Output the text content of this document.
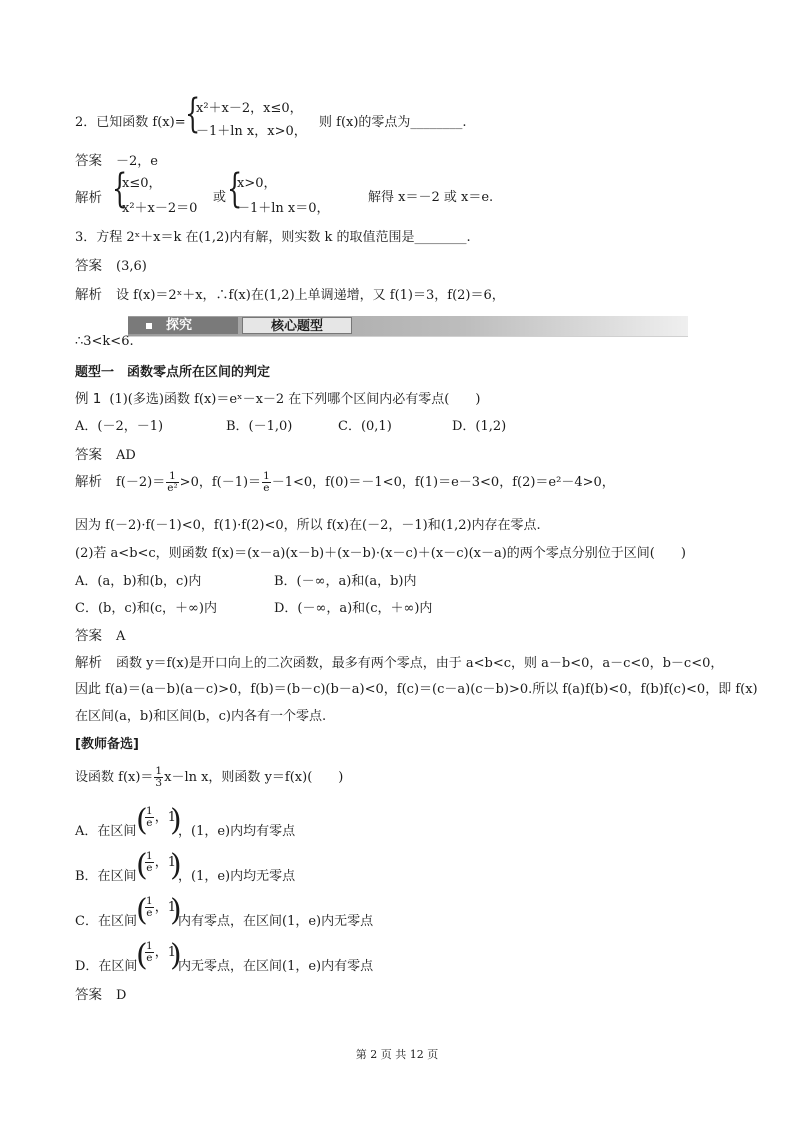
2．已知函数 f(x)= {
x²＋x－2，x≤0，
－1＋ln x，x>0，
则 f(x)的零点为________.
答案 －2，e
解析 {
x≤0，
x²＋x－2＝0
或 {
x>0，
－1＋ln x＝0，
解得 x＝－2 或 x＝e.
3．方程 2ˣ＋x＝k 在(1,2)内有解，则实数 k 的取值范围是________.
答案 (3,6)
解析 设 f(x)＝2ˣ＋x，∴f(x)在(1,2)上单调递增，又 f(1)＝3，f(2)＝6，
探究	核心题型
∴3<k<6.
题型一　函数零点所在区间的判定
例 1 (1)(多选)函数 f(x)＝eˣ－x－2 在下列哪个区间内必有零点(　　)
A．(－2，－1)	B．(－1,0)	C．(0,1)	D．(1,2)
答案 AD
解析 $f(-2)= \frac{1}{\text{e²}} >0$，$f(-1)= \frac{1}{e} -1<0$，f(0)＝－1<0，f(1)＝e－3<0，f(2)＝e²－4>0，
因为 f(－2)·f(－1)<0，f(1)·f(2)<0，所以 f(x)在(－2，－1)和(1,2)内存在零点.
(2)若 a<b<c，则函数 f(x)＝(x－a)(x－b)＋(x－b)·(x－c)＋(x－c)(x－a)的两个零点分别位于区间(　　)
A．(a，b)和(b，c)内	B．(－∞，a)和(a，b)内
C．(b，c)和(c，＋∞)内	D．(－∞，a)和(c，＋∞)内
答案 A
解析 函数 y＝f(x)是开口向上的二次函数，最多有两个零点，由于 a<b<c，则 a－b<0，a－c<0，b－c<0，
因此 f(a)＝(a－b)(a－c)>0，f(b)＝(b－c)(b－a)<0，f(c)＝(c－a)(c－b)>0.所以 f(a)f(b)<0，f(b)f(c)<0，即 f(x)
在区间(a，b)和区间(b，c)内各有一个零点.
[教师备选]
设函数 $f(x)= \frac{1}{3} x-\ln$ x，则函数 y＝f(x)(　　)
A．在区间 (
$\frac{1}{e}$ ，1
)
，(1，e)内均有零点
B．在区间 (
$\frac{1}{e}$ ，1
)
，(1，e)内均无零点
C．在区间 (
$\frac{1}{e}$ ，1
)
内有零点，在区间(1，e)内无零点
D．在区间
(
$\frac{1}{e}$ ，1
)
内无零点，在区间(1，e)内有零点
答案 D
第 2 页 共 12 页
